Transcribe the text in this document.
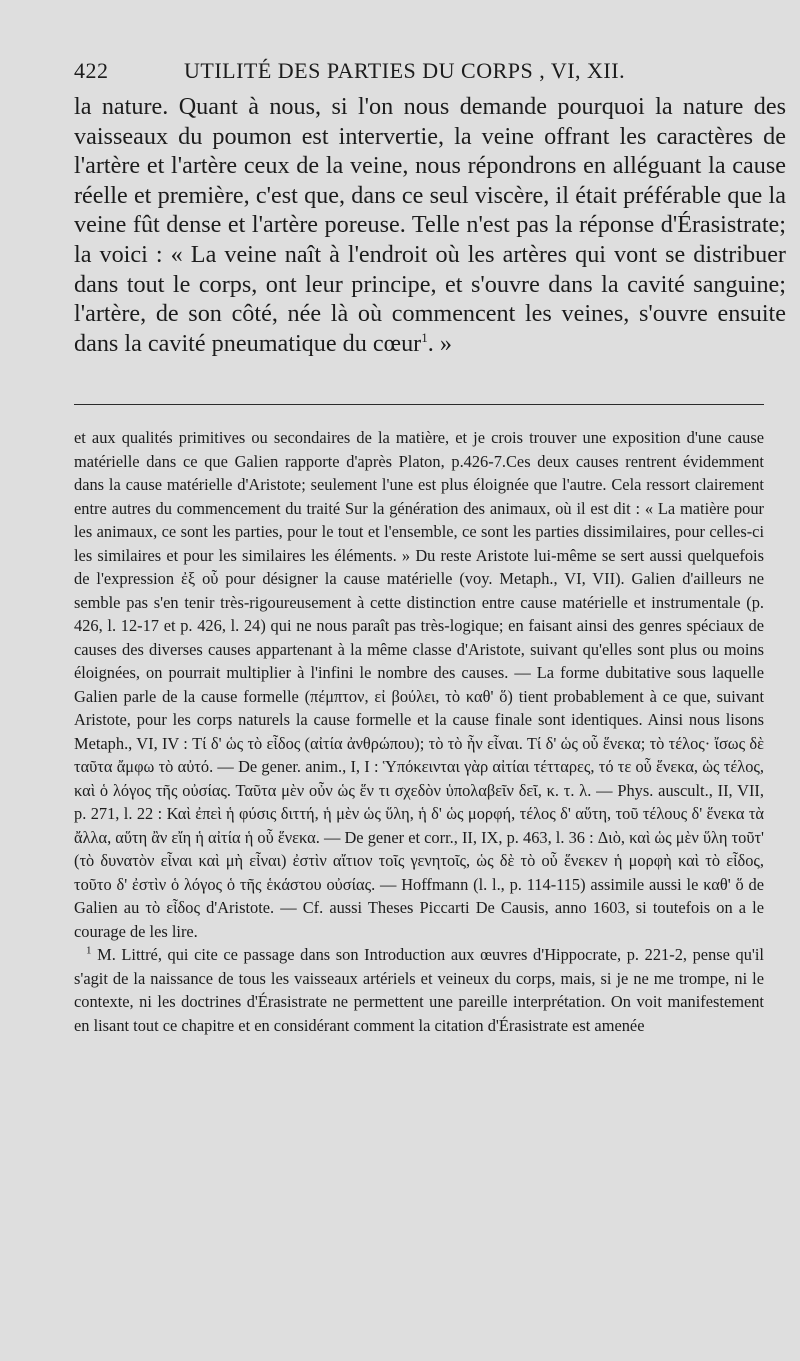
422	UTILITÉ DES PARTIES DU CORPS , VI, XII.

la nature. Quant à nous, si l'on nous demande pourquoi la nature des vaisseaux du poumon est intervertie, la veine offrant les caractères de l'artère et l'artère ceux de la veine, nous répondrons en alléguant la cause réelle et première, c'est que, dans ce seul viscère, il était préférable que la veine fût dense et l'artère poreuse. Telle n'est pas la réponse d'Érasistrate; la voici : « La veine naît à l'endroit où les artères qui vont se distribuer dans tout le corps, ont leur principe, et s'ouvre dans la cavité sanguine; l'artère, de son côté, née là où commencent les veines, s'ouvre ensuite dans la cavité pneumatique du cœur$^1$. »

et aux qualités primitives ou secondaires de la matière, et je crois trouver une exposition d'une cause matérielle dans ce que Galien rapporte d'après Platon, p.426-7.Ces deux causes rentrent évidemment dans la cause matérielle d'Aristote; seulement l'une est plus éloignée que l'autre. Cela ressort clairement entre autres du commencement du traité Sur la génération des animaux, où il est dit : « La matière pour les animaux, ce sont les parties, pour le tout et l'ensemble, ce sont les parties dissimilaires, pour celles-ci les similaires et pour les similaires les éléments. » Du reste Aristote lui-même se sert aussi quelquefois de l'expression ἐξ οὗ pour désigner la cause matérielle (voy. Metaph., VI, VII). Galien d'ailleurs ne semble pas s'en tenir très-rigoureusement à cette distinction entre cause matérielle et instrumentale (p. 426, l. 12-17 et p. 426, l. 24) qui ne nous paraît pas très-logique; en faisant ainsi des genres spéciaux de causes des diverses causes appartenant à la même classe d'Aristote, suivant qu'elles sont plus ou moins éloignées, on pourrait multiplier à l'infini le nombre des causes. — La forme dubitative sous laquelle Galien parle de la cause formelle (πέμπτον, εἰ βούλει, τὸ καθ' ὅ) tient probablement à ce que, suivant Aristote, pour les corps naturels la cause formelle et la cause finale sont identiques. Ainsi nous lisons Metaph., VI, IV : Τί δ' ὡς τὸ εἶδος (αἰτία ἀνθρώπου); τὸ τὸ ἦν εἶναι. Τί δ' ὡς οὗ ἕνεκα; τὸ τέλος· ἴσως δὲ ταῦτα ἄμφω τὸ αὐτό. — De gener. anim., I, I : Ὑπόκεινται γὰρ αἰτίαι τέτταρες, τό τε οὗ ἕνεκα, ὡς τέλος, καὶ ὁ λόγος τῆς οὐσίας. Ταῦτα μὲν οὖν ὡς ἕν τι σχεδὸν ὑπολαβεῖν δεῖ, κ. τ. λ. — Phys. auscult., II, VII, p. 271, l. 22 : Καὶ ἐπεὶ ἡ φύσις διττή, ἡ μὲν ὡς ὕλη, ἡ δ' ὡς μορφή, τέλος δ' αὕτη, τοῦ τέλους δ' ἕνεκα τὰ ἄλλα, αὕτη ἂν εἴη ἡ αἰτία ἡ οὗ ἕνεκα. — De gener et corr., II, IX, p. 463, l. 36 : Διὸ, καὶ ὡς μὲν ὕλη τοῦτ' (τὸ δυνατὸν εἶναι καὶ μὴ εἶναι) ἐστὶν αἴτιον τοῖς γενητοῖς, ὡς δὲ τὸ οὗ ἕνεκεν ἡ μορφὴ καὶ τὸ εἶδος, τοῦτο δ' ἐστὶν ὁ λόγος ὁ τῆς ἑκάστου οὐσίας. — Hoffmann (l. l., p. 114-115) assimile aussi le καθ' ὅ de Galien au τὸ εἶδος d'Aristote. — Cf. aussi Theses Piccarti De Causis, anno 1603, si toutefois on a le courage de les lire.

$^1$ M. Littré, qui cite ce passage dans son Introduction aux œuvres d'Hippocrate, p. 221-2, pense qu'il s'agit de la naissance de tous les vaisseaux artériels et veineux du corps, mais, si je ne me trompe, ni le contexte, ni les doctrines d'Érasistrate ne permettent une pareille interprétation. On voit manifestement en lisant tout ce chapitre et en considérant comment la citation d'Érasistrate est amenée
